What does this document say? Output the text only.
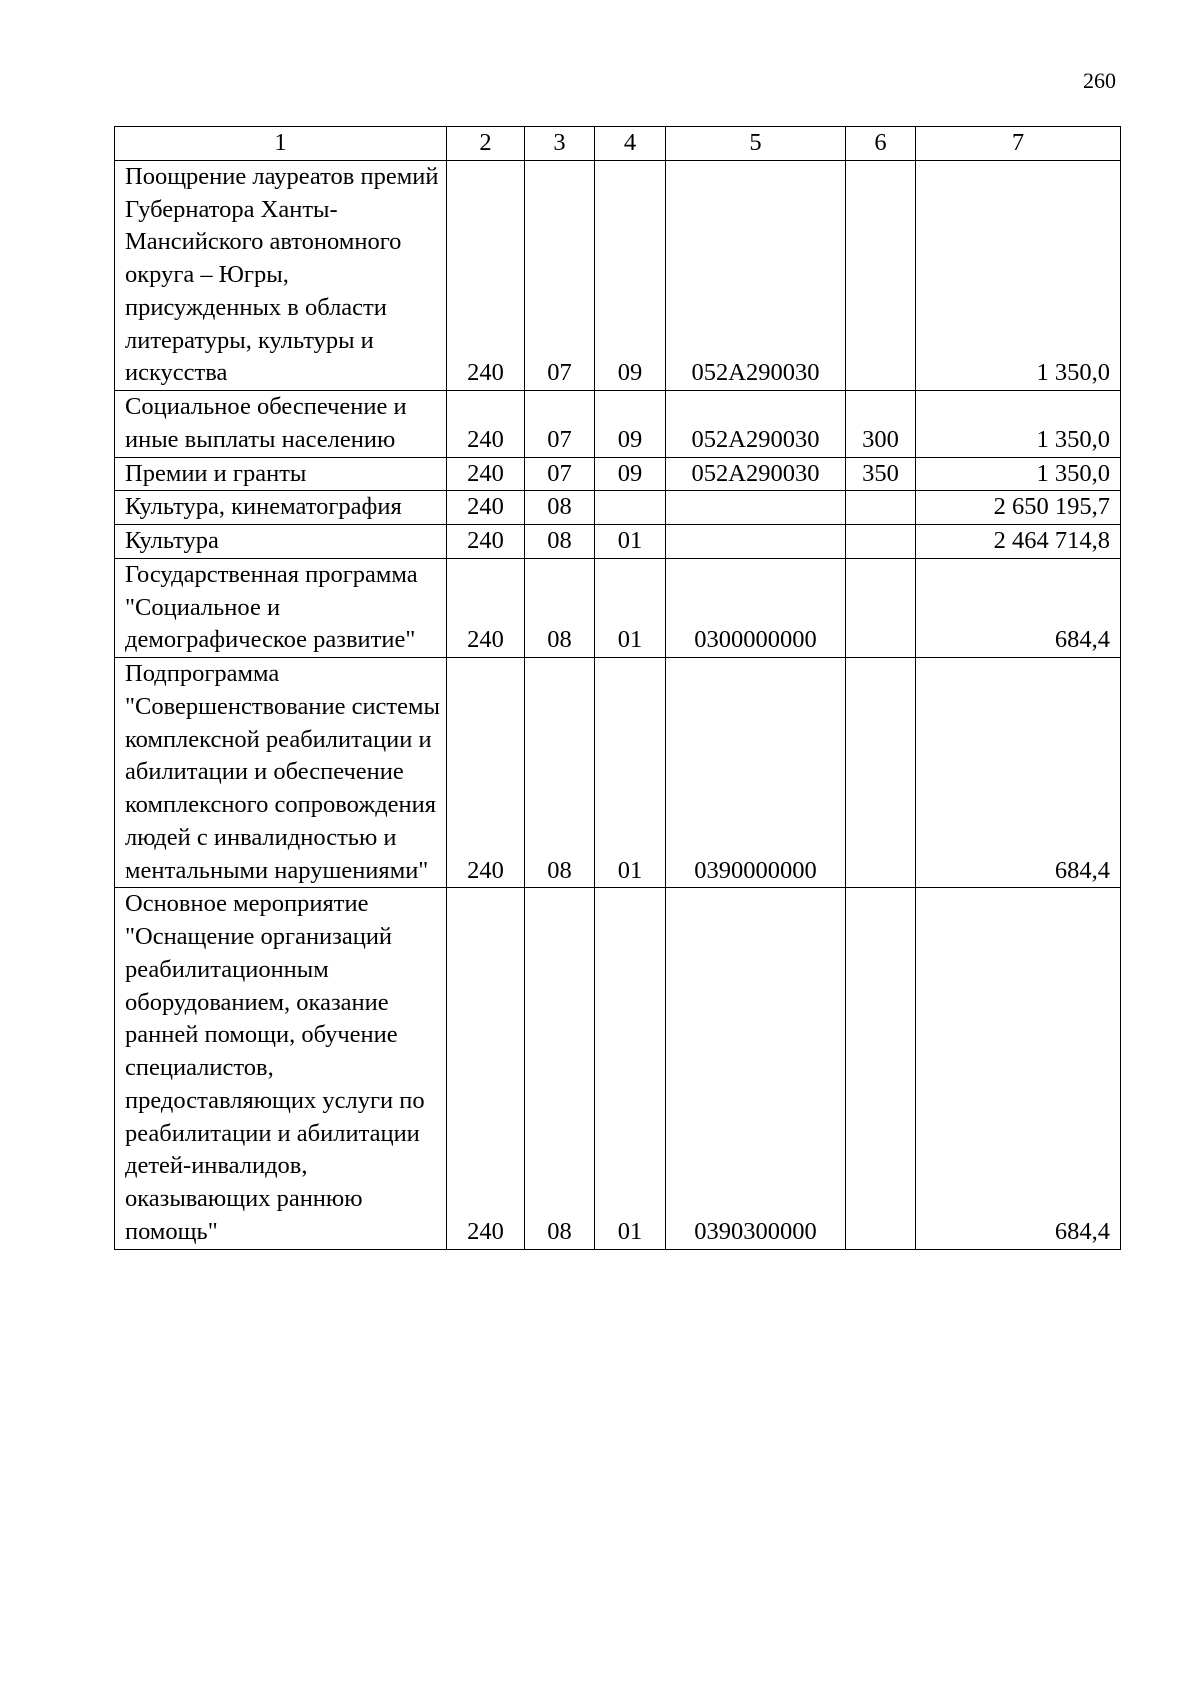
260
1	2	3	4	5	6	7
Поощрение лауреатов премий Губернатора Ханты-Мансийского автономного округа – Югры, присужденных в области литературы, культуры и искусства	240	07	09	052A290030		1 350,0
Социальное обеспечение и иные выплаты населению	240	07	09	052A290030	300	1 350,0
Премии и гранты	240	07	09	052A290030	350	1 350,0
Культура, кинематография	240	08				2 650 195,7
Культура	240	08	01			2 464 714,8
Государственная программа "Социальное и демографическое развитие"	240	08	01	0300000000		684,4
Подпрограмма "Совершенствование системы комплексной реабилитации и абилитации и обеспечение комплексного сопровождения людей с инвалидностью и ментальными нарушениями"	240	08	01	0390000000		684,4
Основное мероприятие "Оснащение организаций реабилитационным оборудованием, оказание ранней помощи, обучение специалистов, предоставляющих услуги по реабилитации и абилитации детей-инвалидов, оказывающих раннюю помощь"	240	08	01	0390300000		684,4
